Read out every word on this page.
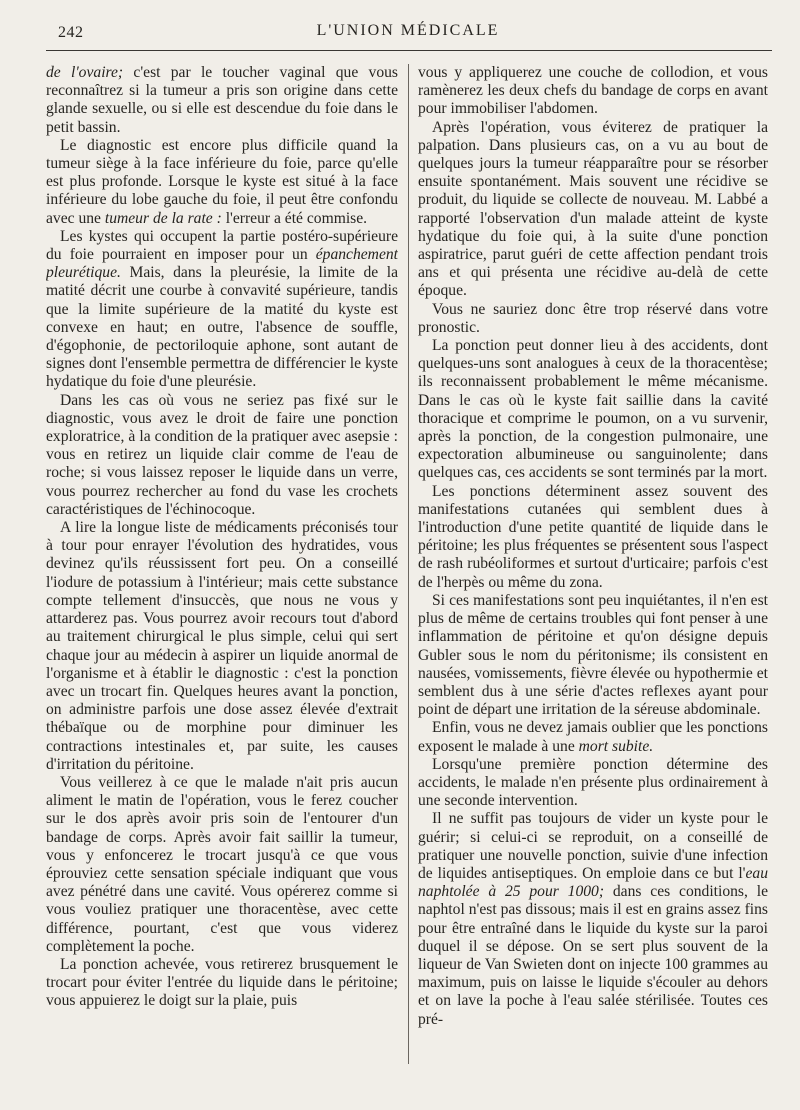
242	L'UNION MÉDICALE

de l'ovaire; c'est par le toucher vaginal que vous reconnaîtrez si la tumeur a pris son origine dans cette glande sexuelle, ou si elle est descendue du foie dans le petit bassin.

Le diagnostic est encore plus difficile quand la tumeur siège à la face inférieure du foie, parce qu'elle est plus profonde. Lorsque le kyste est situé à la face inférieure du lobe gauche du foie, il peut être confondu avec une tumeur de la rate : l'erreur a été commise.

Les kystes qui occupent la partie postéro-supérieure du foie pourraient en imposer pour un épanchement pleurétique. Mais, dans la pleurésie, la limite de la matité décrit une courbe à convavité supérieure, tandis que la limite supérieure de la matité du kyste est convexe en haut; en outre, l'absence de souffle, d'égophonie, de pectoriloquie aphone, sont autant de signes dont l'ensemble permettra de différencier le kyste hydatique du foie d'une pleurésie.

Dans les cas où vous ne seriez pas fixé sur le diagnostic, vous avez le droit de faire une ponction exploratrice, à la condition de la pratiquer avec asepsie : vous en retirez un liquide clair comme de l'eau de roche; si vous laissez reposer le liquide dans un verre, vous pourrez rechercher au fond du vase les crochets caractéristiques de l'échinocoque.

A lire la longue liste de médicaments préconisés tour à tour pour enrayer l'évolution des hydratides, vous devinez qu'ils réussissent fort peu. On a conseillé l'iodure de potassium à l'intérieur; mais cette substance compte tellement d'insuccès, que nous ne vous y attarderez pas. Vous pourrez avoir recours tout d'abord au traitement chirurgical le plus simple, celui qui sert chaque jour au médecin à aspirer un liquide anormal de l'organisme et à établir le diagnostic : c'est la ponction avec un trocart fin. Quelques heures avant la ponction, on administre parfois une dose assez élevée d'extrait thébaïque ou de morphine pour diminuer les contractions intestinales et, par suite, les causes d'irritation du péritoine.

Vous veillerez à ce que le malade n'ait pris aucun aliment le matin de l'opération, vous le ferez coucher sur le dos après avoir pris soin de l'entourer d'un bandage de corps. Après avoir fait saillir la tumeur, vous y enfoncerez le trocart jusqu'à ce que vous éprouviez cette sensation spéciale indiquant que vous avez pénétré dans une cavité. Vous opérerez comme si vous vouliez pratiquer une thoracentèse, avec cette différence, pourtant, c'est que vous viderez complètement la poche.

La ponction achevée, vous retirerez brusquement le trocart pour éviter l'entrée du liquide dans le péritoine; vous appuierez le doigt sur la plaie, puis

vous y appliquerez une couche de collodion, et vous ramènerez les deux chefs du bandage de corps en avant pour immobiliser l'abdomen.

Après l'opération, vous éviterez de pratiquer la palpation. Dans plusieurs cas, on a vu au bout de quelques jours la tumeur réapparaître pour se résorber ensuite spontanément. Mais souvent une récidive se produit, du liquide se collecte de nouveau. M. Labbé a rapporté l'observation d'un malade atteint de kyste hydatique du foie qui, à la suite d'une ponction aspiratrice, parut guéri de cette affection pendant trois ans et qui présenta une récidive au-delà de cette époque.

Vous ne sauriez donc être trop réservé dans votre pronostic.

La ponction peut donner lieu à des accidents, dont quelques-uns sont analogues à ceux de la thoracentèse; ils reconnaissent probablement le même mécanisme. Dans le cas où le kyste fait saillie dans la cavité thoracique et comprime le poumon, on a vu survenir, après la ponction, de la congestion pulmonaire, une expectoration albumineuse ou sanguinolente; dans quelques cas, ces accidents se sont terminés par la mort.

Les ponctions déterminent assez souvent des manifestations cutanées qui semblent dues à l'introduction d'une petite quantité de liquide dans le péritoine; les plus fréquentes se présentent sous l'aspect de rash rubéoliformes et surtout d'urticaire; parfois c'est de l'herpès ou même du zona.

Si ces manifestations sont peu inquiétantes, il n'en est plus de même de certains troubles qui font penser à une inflammation de péritoine et qu'on désigne depuis Gubler sous le nom du péritonisme; ils consistent en nausées, vomissements, fièvre élevée ou hypothermie et semblent dus à une série d'actes reflexes ayant pour point de départ une irritation de la séreuse abdominale.

Enfin, vous ne devez jamais oublier que les ponctions exposent le malade à une mort subite.

Lorsqu'une première ponction détermine des accidents, le malade n'en présente plus ordinairement à une seconde intervention.

Il ne suffit pas toujours de vider un kyste pour le guérir; si celui-ci se reproduit, on a conseillé de pratiquer une nouvelle ponction, suivie d'une infection de liquides antiseptiques. On emploie dans ce but l'eau naphtolée à 25 pour 1000; dans ces conditions, le naphtol n'est pas dissous; mais il est en grains assez fins pour être entraîné dans le liquide du kyste sur la paroi duquel il se dépose. On se sert plus souvent de la liqueur de Van Swieten dont on injecte 100 grammes au maximum, puis on laisse le liquide s'écouler au dehors et on lave la poche à l'eau salée stérilisée. Toutes ces pré-
